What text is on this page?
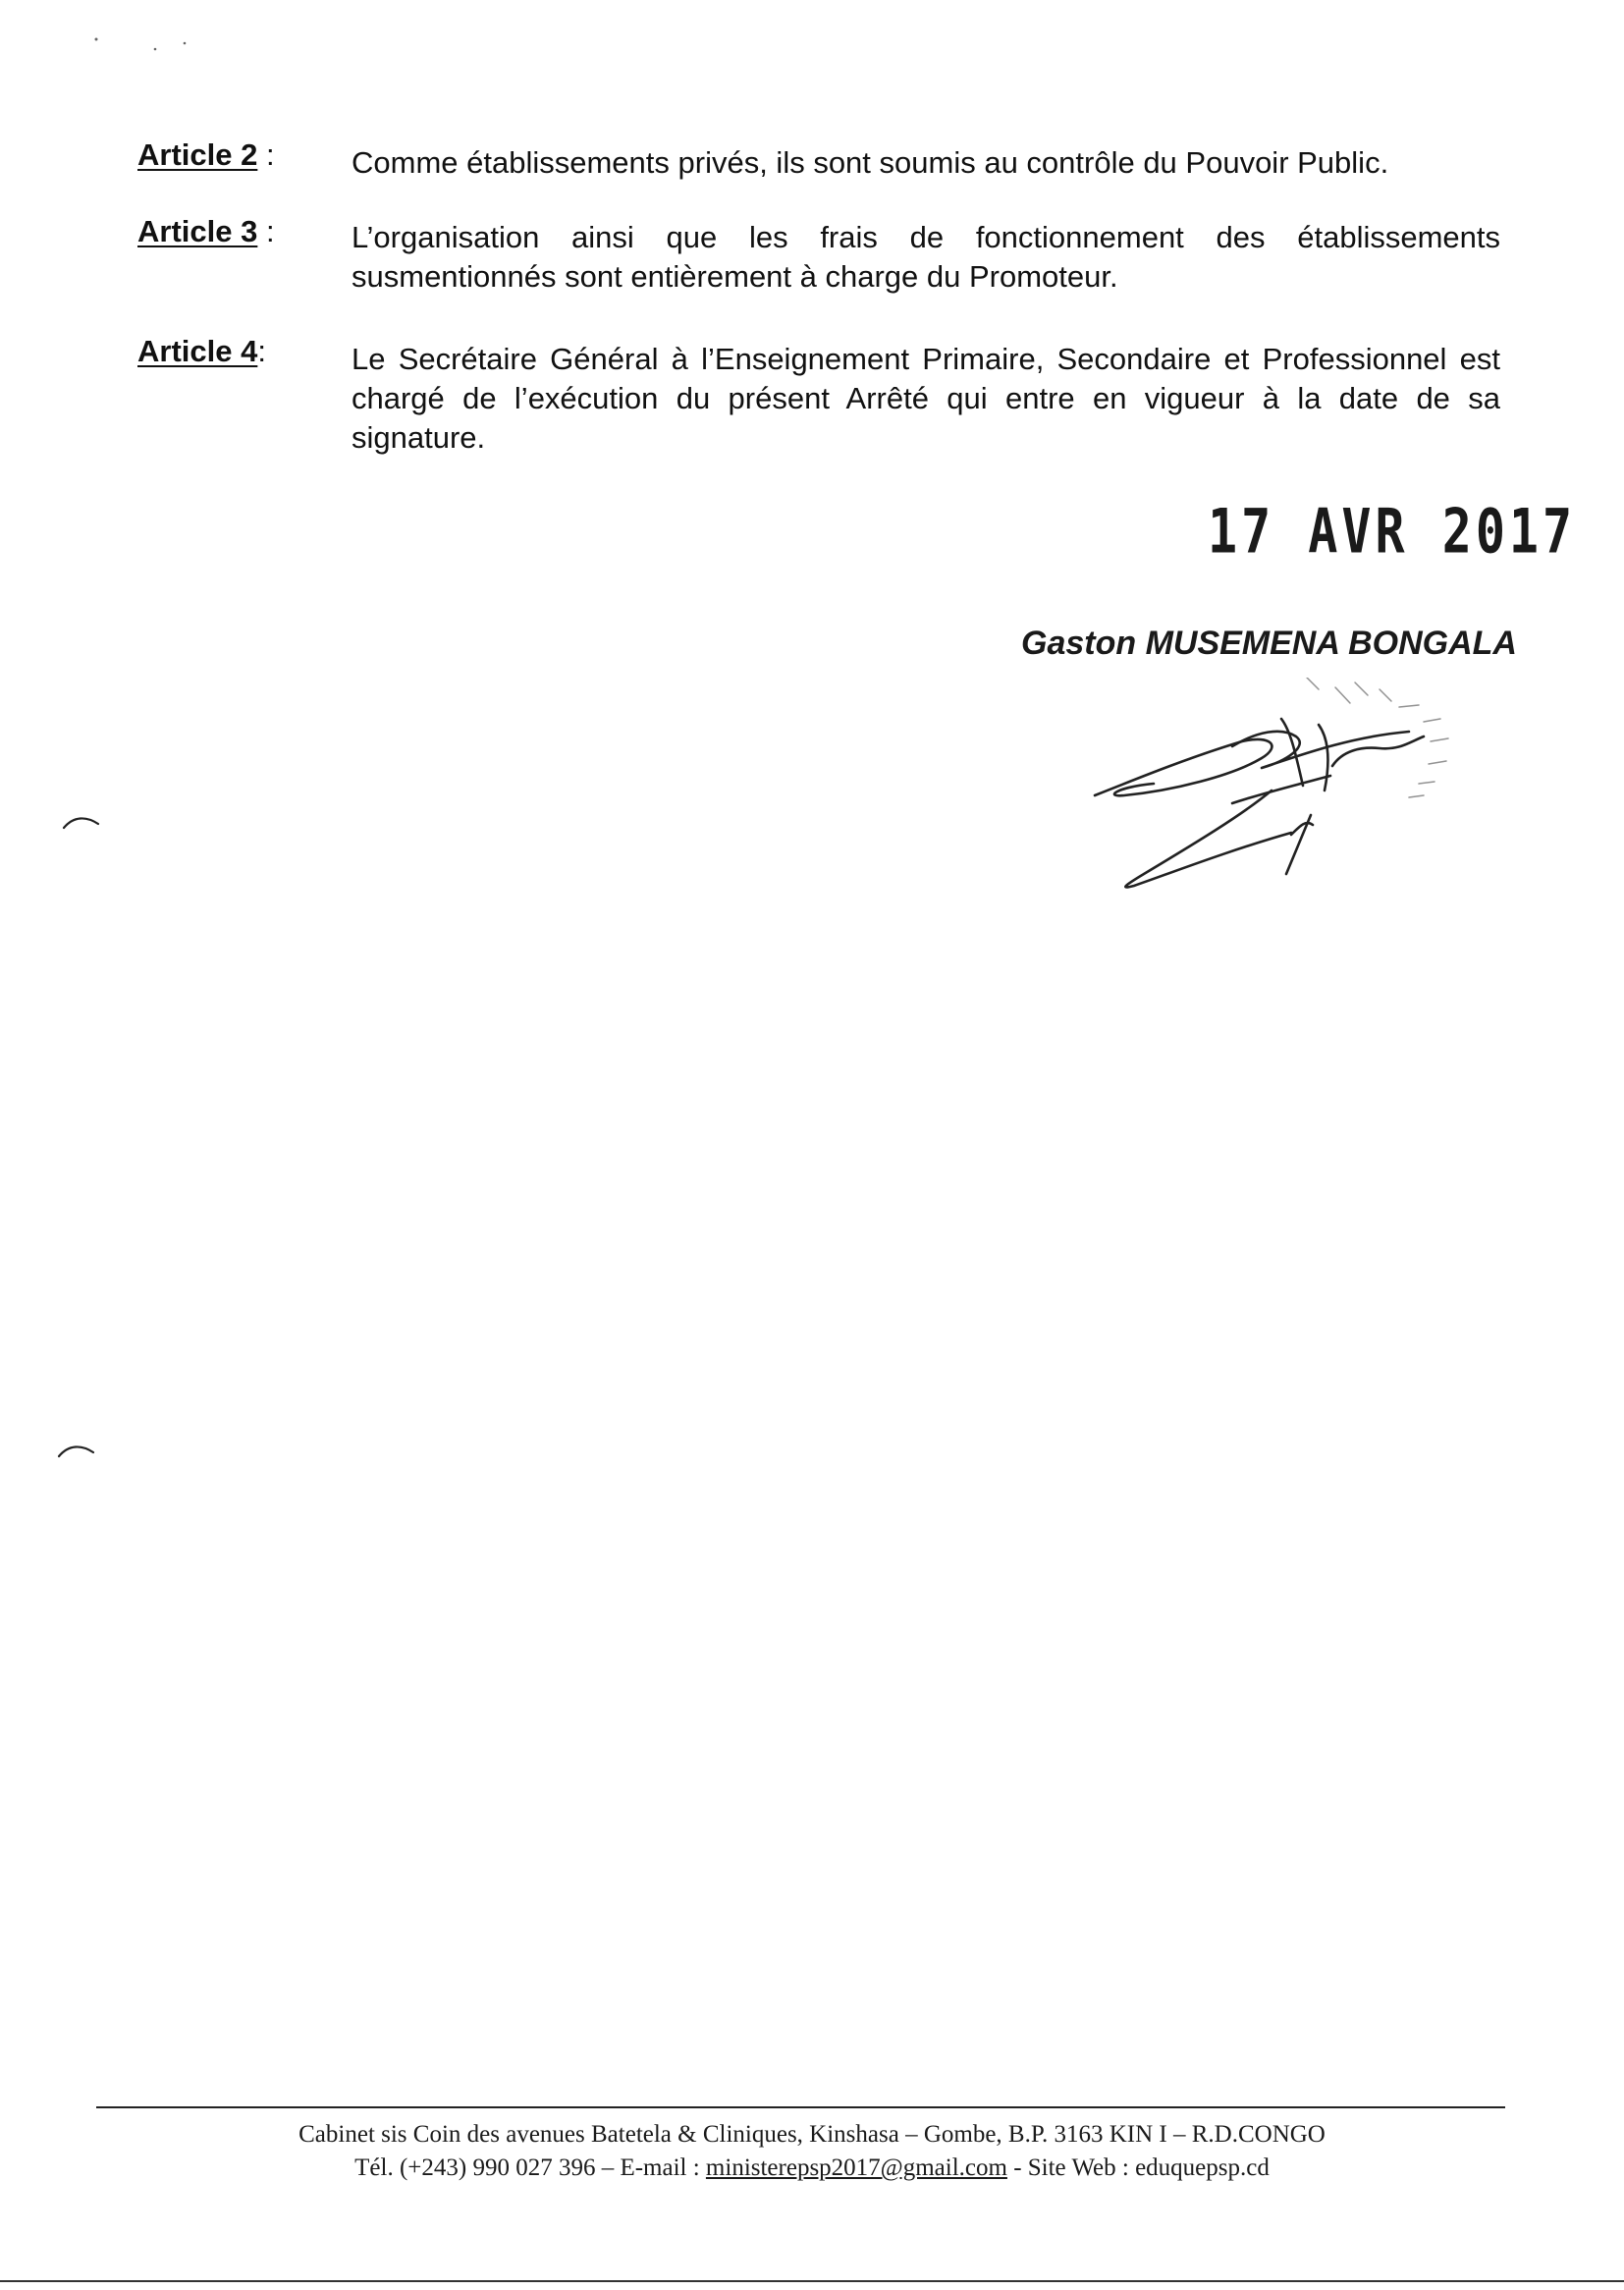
Article 2 :	Comme établissements privés, ils sont soumis au contrôle du Pouvoir Public.
Article 3 :	L’organisation ainsi que les frais de fonctionnement des établissements susmentionnés sont entièrement à charge du Promoteur.
Article 4:	Le Secrétaire Général à l’Enseignement Primaire, Secondaire et Professionnel est chargé de l’exécution du présent Arrêté qui entre en vigueur à la date de sa signature.
17 AVR 2017
Gaston MUSEMENA BONGALA
Cabinet sis Coin des avenues Batetela & Cliniques, Kinshasa – Gombe, B.P. 3163 KIN I – R.D.CONGO
Tél. (+243) 990 027 396 – E-mail : ministerepsp2017@gmail.com - Site Web : eduquepsp.cd
